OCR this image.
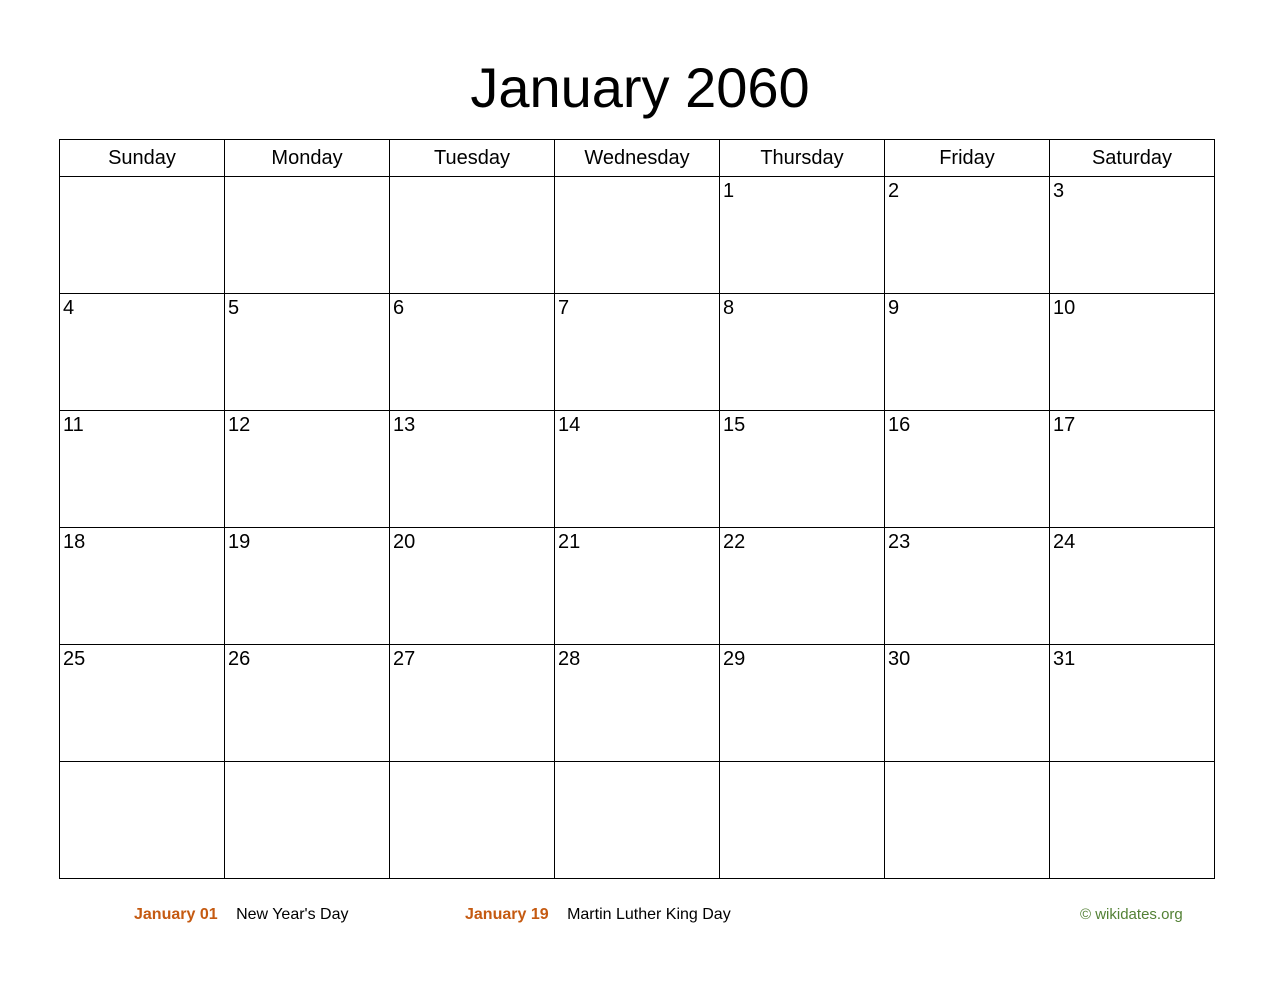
January 2060
Sunday	Monday	Tuesday	Wednesday	Thursday	Friday	Saturday

				1	2	3

4	5	6	7	8	9	10

11	12	13	14	15	16	17

18	19	20	21	22	23	24

25	26	27	28	29	30	31

January 01 New Year's Day	January 19 Martin Luther King Day	© wikidates.org
